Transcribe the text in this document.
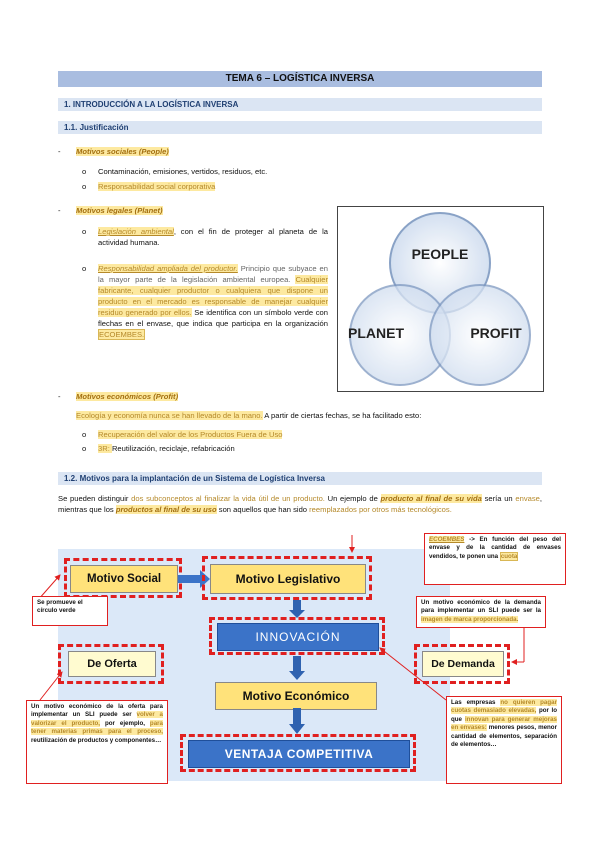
TEMA 6 – LOGÍSTICA INVERSA
1. INTRODUCCIÓN A LA LOGÍSTICA INVERSA
1.1. Justificación
- Motivos sociales (People)
o Contaminación, emisiones, vertidos, residuos, etc.
o Responsabilidad social corporativa
- Motivos legales (Planet)
o Legislación ambiental, con el fin de proteger al planeta de la actividad humana.
o Responsabilidad ampliada del productor. Principio que subyace en la mayor parte de la legislación ambiental europea. Cualquier fabricante, cualquier productor o cualquiera que dispone un producto en el mercado es responsable de manejar cualquier residuo generado por ellos. Se identifica con un símbolo verde con flechas en el envase, que indica que participa en la organización ECOEMBES.
PEOPLE
PLANET	PROFIT
- Motivos económicos (Profit)
Ecología y economía nunca se han llevado de la mano. A partir de ciertas fechas, se ha facilitado esto:
o Recuperación del valor de los Productos Fuera de Uso
o 3R: Reutilización, reciclaje, refabricación
1.2. Motivos para la implantación de un Sistema de Logística Inversa
Se pueden distinguir dos subconceptos al finalizar la vida útil de un producto. Un ejemplo de producto al final de su vida sería un envase, mientras que los productos al final de su uso son aquellos que han sido reemplazados por otros más tecnológicos.
Motivo Social	Motivo Legislativo
INNOVACIÓN
De Oferta	De Demanda
Motivo Económico
VENTAJA COMPETITIVA
ECOEMBES -> En función del peso del envase y de la cantidad de envases vendidos, te ponen una cuota
Se promueve el círculo verde
Un motivo económico de la demanda para implementar un SLI puede ser la imagen de marca proporcionada.
Un motivo económico de la oferta para implementar un SLI puede ser volver a valorizar el producto, por ejemplo, para tener materias primas para el proceso, reutilización de productos y componentes…
Las empresas no quieren pagar cuotas demasiado elevadas, por lo que innovan para generar mejoras en envases: menores pesos, menor cantidad de elementos, separación de elementos…
